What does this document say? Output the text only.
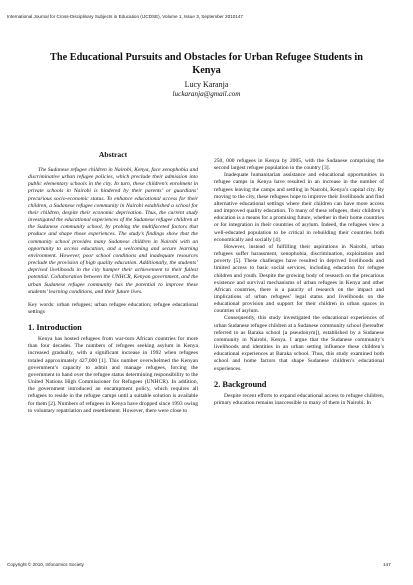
International Journal for Cross-Disciplinary Subjects in Education (IJCDSE), Volume 1, Issue 3, September 2010147
The Educational Pursuits and Obstacles for Urban Refugee Students in Kenya
Lucy Karanja
luckaranja@gmail.com
Abstract

The Sudanese refugee children in Nairobi, Kenya, face xenophobia and discriminative urban refugee policies, which preclude their admission into public elementary schools in the city. In turn, these children’s enrolment in private schools in Nairobi is hindered by their parents’ or guardians’ precarious socio-economic status. To enhance educational access for their children, a Sudanese refugee community in Nairobi established a school for their children, despite their economic deprivation. Thus, the current study investigated the educational experiences of the Sudanese refugee children at the Sudanese community school, by probing the multifaceted factors that produce and shape those experiences. The study’s findings show that the community school provides many Sudanese children in Nairobi with an opportunity to access education, and a welcoming and secure learning environment. However, poor school conditions and inadequate resources preclude the provision of high quality education. Additionally, the students’ deprived livelihoods in the city hamper their achievement to their fullest potential. Collaboration between the UNHCR, Kenyan government, and the urban Sudanese refugee community has the potential to improve these students’ learning conditions, and their future lives.

Key words: urban refugees; urban refugee education; refugee educational settings

1. Introduction

Kenya has hosted refugees from war-torn African countries for more than four decades. The numbers of refugees seeking asylum in Kenya increased gradually, with a significant increase in 1992 when refugees totaled approximately 427,000 [1]. This number overwhelmed the Kenyan government’s capacity to admit and manage refugees, forcing the government to hand over the refugee status determining responsibility to the United Nations High Commissioner for Refugees (UNHCR). In addition, the government introduced an encampment policy, which requires all refugees to reside in the refugee camps until a suitable solution is available for them [2]. Numbers of refugees in Kenya have dropped since 1993 owing to voluntary repatriation and resettlement. However, there were close to

250, 000 refugees in Kenya by 2005, with the Sudanese comprising the second largest refugee population in the country [3].

Inadequate humanitarian assistance and educational opportunities in refugee camps in Kenya have resulted in an increase in the number of refugees leaving the camps and settling in Nairobi, Kenya’s capital city. By moving to the city, these refugees hope to improve their livelihoods and find alternative educational settings where their children can have more access and improved quality education. To many of these refugees, their children’s education is a means for a promising future, whether in their home countries or for integration in their countries of asylum. Indeed, the refugees view a well-educated population to be critical in rebuilding their countries both economically and socially [4].

However, instead of fulfilling their aspirations in Nairobi, urban refugees suffer harassment, xenophobia, discrimination, exploitation and poverty [5]. These challenges have resulted in deprived livelihoods and limited access to basic social services, including education for refugee children and youth. Despite the growing body of research on the precarious existence and survival mechanisms of urban refugees in Kenya and other African countries, there is a paucity of research on the impact and implications of urban refugees’ legal status and livelihoods on the educational provision and support for their children in urban spaces in countries of asylum.

Consequently, this study investigated the educational experiences of urban Sudanese refugee children at a Sudanese community school (hereafter referred to as Baraka school [a pseudonym]), established by a Sudanese community in Nairobi, Kenya. I argue that the Sudanese community’s livelihoods and identities in an urban setting influence these children’s educational experiences at Baraka school. Thus, this study examined both school and home factors that shape Sudanese children’s educational experiences.

2. Background

Despite recent efforts to expand educational access to refugee children, primary education remains inaccessible to many of them in Nairobi. In

Copyright © 2010, Infonomics Society	147
